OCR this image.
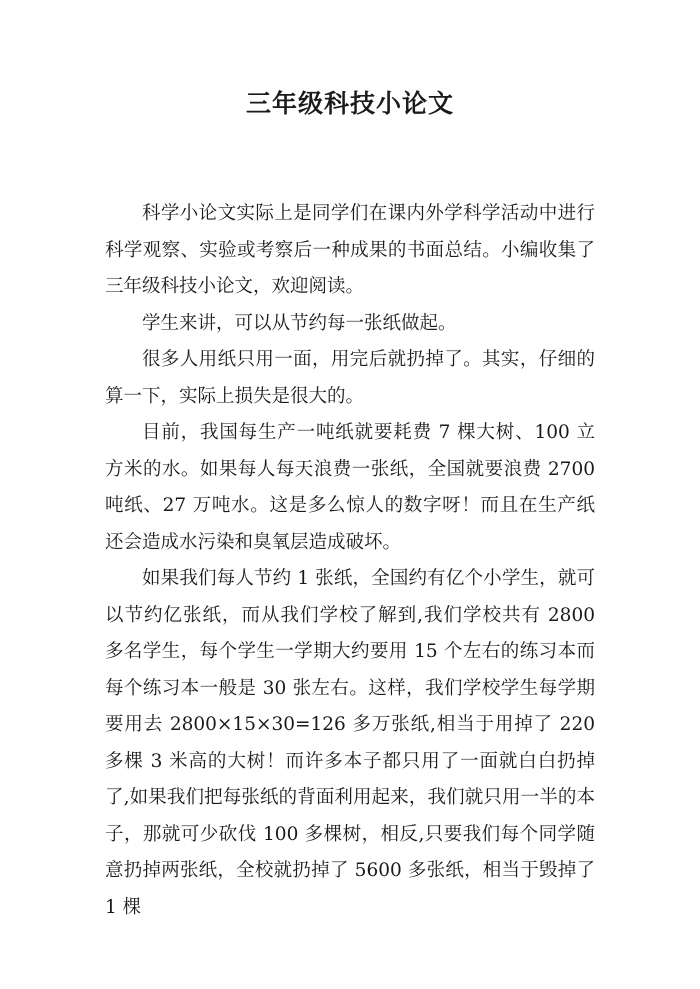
三年级科技小论文

科学小论文实际上是同学们在课内外学科学活动中进行科学观察、实验或考察后一种成果的书面总结。小编收集了三年级科技小论文，欢迎阅读。

学生来讲，可以从节约每一张纸做起。

很多人用纸只用一面，用完后就扔掉了。其实，仔细的算一下，实际上损失是很大的。

目前，我国每生产一吨纸就要耗费 7 棵大树、100 立方米的水。如果每人每天浪费一张纸，全国就要浪费 2700 吨纸、27 万吨水。这是多么惊人的数字呀！而且在生产纸还会造成水污染和臭氧层造成破坏。

如果我们每人节约 1 张纸，全国约有亿个小学生，就可以节约亿张纸，而从我们学校了解到,我们学校共有 2800 多名学生，每个学生一学期大约要用 15 个左右的练习本而每个练习本一般是 30 张左右。这样，我们学校学生每学期要用去 2800×15×30=126 多万张纸,相当于用掉了 220 多棵 3 米高的大树！而许多本子都只用了一面就白白扔掉了,如果我们把每张纸的背面利用起来，我们就只用一半的本子，那就可少砍伐 100 多棵树，相反,只要我们每个同学随意扔掉两张纸，全校就扔掉了 5600 多张纸，相当于毁掉了 1 棵
